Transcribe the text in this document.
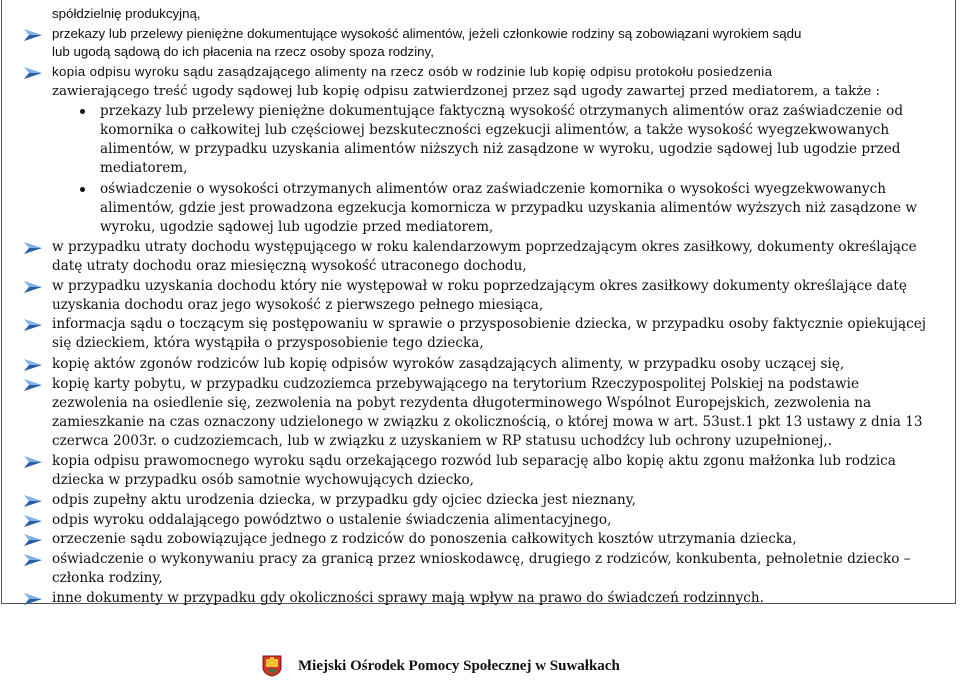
spółdzielnię produkcyjną,
przekazy lub przelewy pieniężne dokumentujące wysokość alimentów, jeżeli członkowie rodziny są zobowiązani wyrokiem sądu
lub ugodą sądową do ich płacenia na rzecz osoby spoza rodziny,
kopia odpisu wyroku sądu zasądzającego alimenty na rzecz osób w rodzinie lub kopię odpisu protokołu posiedzenia
zawierającego treść ugody sądowej lub kopię odpisu zatwierdzonej przez sąd ugody zawartej przed mediatorem, a także :
przekazy lub przelewy pieniężne dokumentujące faktyczną wysokość otrzymanych alimentów oraz zaświadczenie od
komornika o całkowitej lub częściowej bezskuteczności egzekucji alimentów, a także wysokość wyegzekwowanych
alimentów, w przypadku uzyskania alimentów niższych niż zasądzone w wyroku, ugodzie sądowej lub ugodzie przed
mediatorem,
oświadczenie o wysokości otrzymanych alimentów oraz zaświadczenie komornika o wysokości wyegzekwowanych
alimentów, gdzie jest prowadzona egzekucja komornicza w przypadku uzyskania alimentów wyższych niż zasądzone w
wyroku, ugodzie sądowej lub ugodzie przed mediatorem,
w przypadku utraty dochodu występującego w roku kalendarzowym poprzedzającym okres zasiłkowy, dokumenty określające
datę utraty dochodu oraz miesięczną wysokość utraconego dochodu,
w przypadku uzyskania dochodu który nie występował w roku poprzedzającym okres zasiłkowy dokumenty określające datę
uzyskania dochodu oraz jego wysokość z pierwszego pełnego miesiąca,
informacja sądu o toczącym się postępowaniu w sprawie o przysposobienie dziecka, w przypadku osoby faktycznie opiekującej
się dzieckiem, która wystąpiła o przysposobienie tego dziecka,
kopię aktów zgonów rodziców lub kopię odpisów wyroków zasądzających alimenty, w przypadku osoby uczącej się,
kopię karty pobytu, w przypadku cudzoziemca przebywającego na terytorium Rzeczypospolitej Polskiej na podstawie
zezwolenia na osiedlenie się, zezwolenia na pobyt rezydenta długoterminowego Wspólnot Europejskich, zezwolenia na
zamieszkanie na czas oznaczony udzielonego w związku z okolicznością, o której mowa w art. 53ust.1 pkt 13 ustawy z dnia 13
czerwca 2003r. o cudzoziemcach, lub w związku z uzyskaniem w RP statusu uchodźcy lub ochrony uzupełnionej,.
kopia odpisu prawomocnego wyroku sądu orzekającego rozwód lub separację albo kopię aktu zgonu małżonka lub rodzica
dziecka w przypadku osób samotnie wychowujących dziecko,
odpis zupełny aktu urodzenia dziecka, w przypadku gdy ojciec dziecka jest nieznany,
odpis wyroku oddalającego powództwo o ustalenie świadczenia alimentacyjnego,
orzeczenie sądu zobowiązujące jednego z rodziców do ponoszenia całkowitych kosztów utrzymania dziecka,
oświadczenie o wykonywaniu pracy za granicą przez wnioskodawcę, drugiego z rodziców, konkubenta, pełnoletnie dziecko –
członka rodziny,
inne dokumenty w przypadku gdy okoliczności sprawy mają wpływ na prawo do świadczeń rodzinnych.
Miejski Ośrodek Pomocy Społecznej w Suwałkach
